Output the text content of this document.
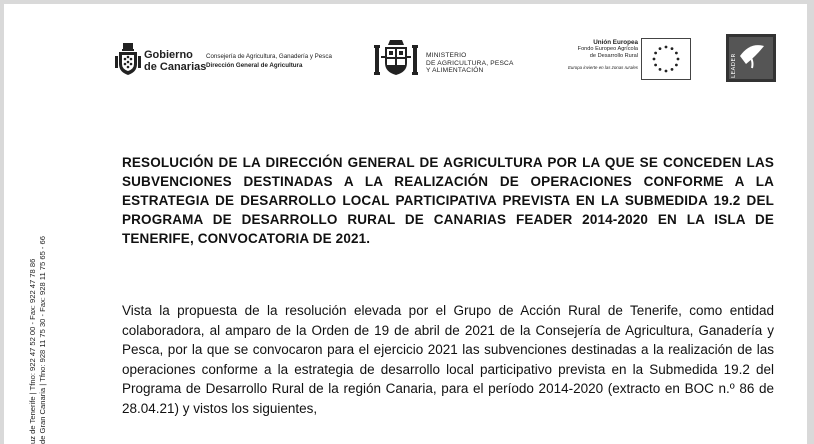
Gobierno
de Canarias
Consejería de Agricultura, Ganadería y Pesca
Dirección General de Agricultura
MINISTERIO
DE AGRICULTURA, PESCA
Y ALIMENTACIÓN
Unión Europea
Fondo Europeo Agrícola
de Desarrollo Rural
Europa invierte en las zonas rurales	LEADER
uz de Tenerife | Tfno: 922 47 52 00 - Fax: 922 47 78 86 de Gran Canaria | Tfno: 928 11 75 30 - Fax: 928 11 75 65 - 66
RESOLUCIÓN DE LA DIRECCIÓN GENERAL DE AGRICULTURA POR LA QUE SE CONCEDEN LAS SUBVENCIONES DESTINADAS A LA REALIZACIÓN DE OPERACIONES CONFORME A LA ESTRATEGIA DE DESARROLLO LOCAL PARTICIPATIVA PREVISTA EN LA SUBMEDIDA 19.2 DEL PROGRAMA DE DESARROLLO RURAL DE CANARIAS FEADER 2014-2020 EN LA ISLA DE TENERIFE, CONVOCATORIA DE 2021.
Vista la propuesta de la resolución elevada por el Grupo de Acción Rural de Tenerife, como entidad colaboradora, al amparo de la Orden de 19 de abril de 2021 de la Consejería de Agricultura, Ganadería y Pesca, por la que se convocaron para el ejercicio 2021 las subvenciones destinadas a la realización de las operaciones conforme a la estrategia de desarrollo local participativo prevista en la Submedida 19.2 del Programa de Desarrollo Rural de la región Canaria, para el período 2014-2020 (extracto en BOC n.º 86 de 28.04.21) y vistos los siguientes,
